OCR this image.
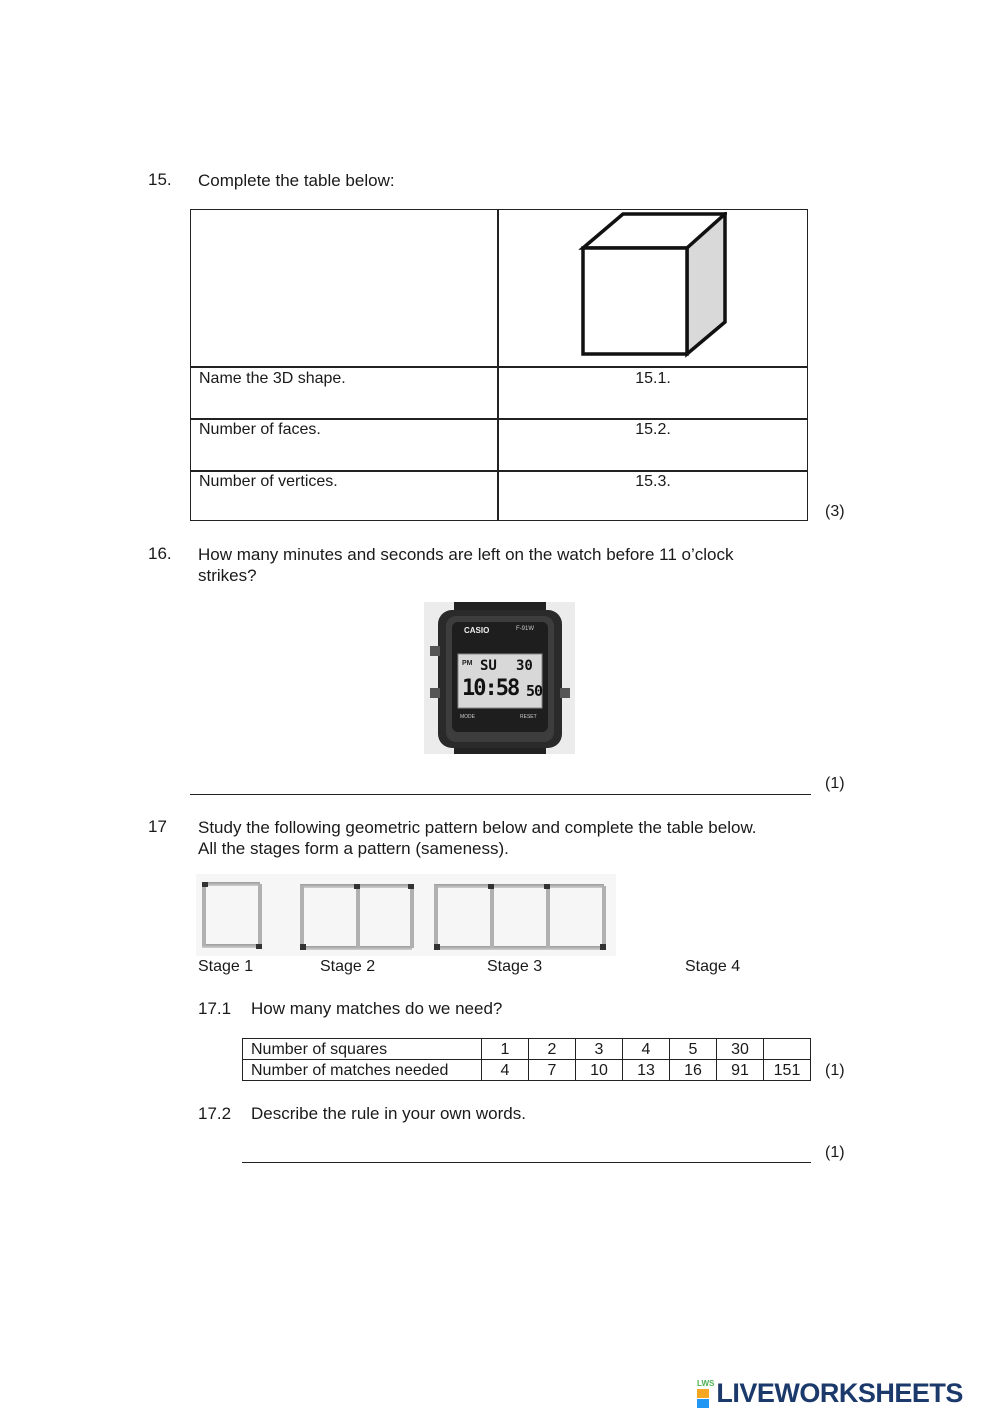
15. Complete the table below:
Name the 3D shape.	15.1.
Number of faces.	15.2.
Number of vertices.	15.3.
(3)
16. How many minutes and seconds are left on the watch before 11 o’clock
strikes?
CASIO	F-91W
PM SU 30
10:58 50
MODE	RESET
(1)
17 Study the following geometric pattern below and complete the table below.
All the stages form a pattern (sameness).
Stage 1	Stage 2	Stage 3	Stage 4
17.1 How many matches do we need?
Number of squares	1	2	3	4	5	30	
Number of matches needed	4	7	10	13	16	91	151 (1)
17.2 Describe the rule in your own words.
(1)
LWS LIVEWORKSHEETS
